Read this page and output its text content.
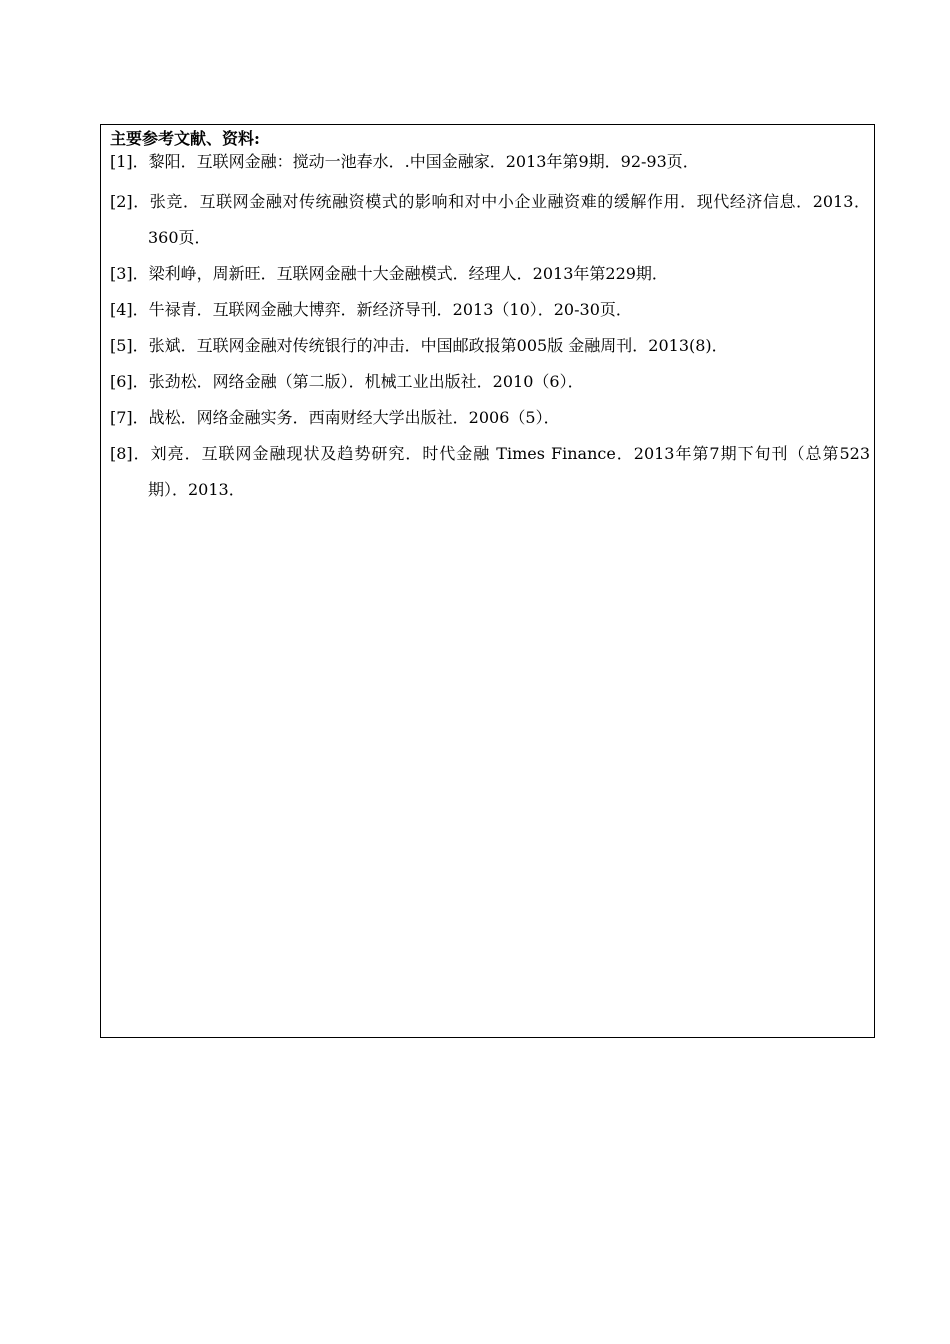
主要参考文献、资料:
[1]．黎阳．互联网金融：搅动一池春水．.中国金融家．2013年第9期．92-93页．
[2]．张竞．互联网金融对传统融资模式的影响和对中小企业融资难的缓解作用．现代经济信息．2013．360页．
[3]．梁利峥，周新旺．互联网金融十大金融模式．经理人．2013年第229期．
[4]．牛禄青．互联网金融大博弈．新经济导刊．2013（10）．20-30页．
[5]．张斌．互联网金融对传统银行的冲击．中国邮政报第005版 金融周刊．2013(8)．
[6]．张劲松．网络金融（第二版）．机械工业出版社．2010（6）．
[7]．战松．网络金融实务．西南财经大学出版社．2006（5）．
[8]．刘亮．互联网金融现状及趋势研究．时代金融 Times Finance．2013年第7期下旬刊（总第523期）．2013．
